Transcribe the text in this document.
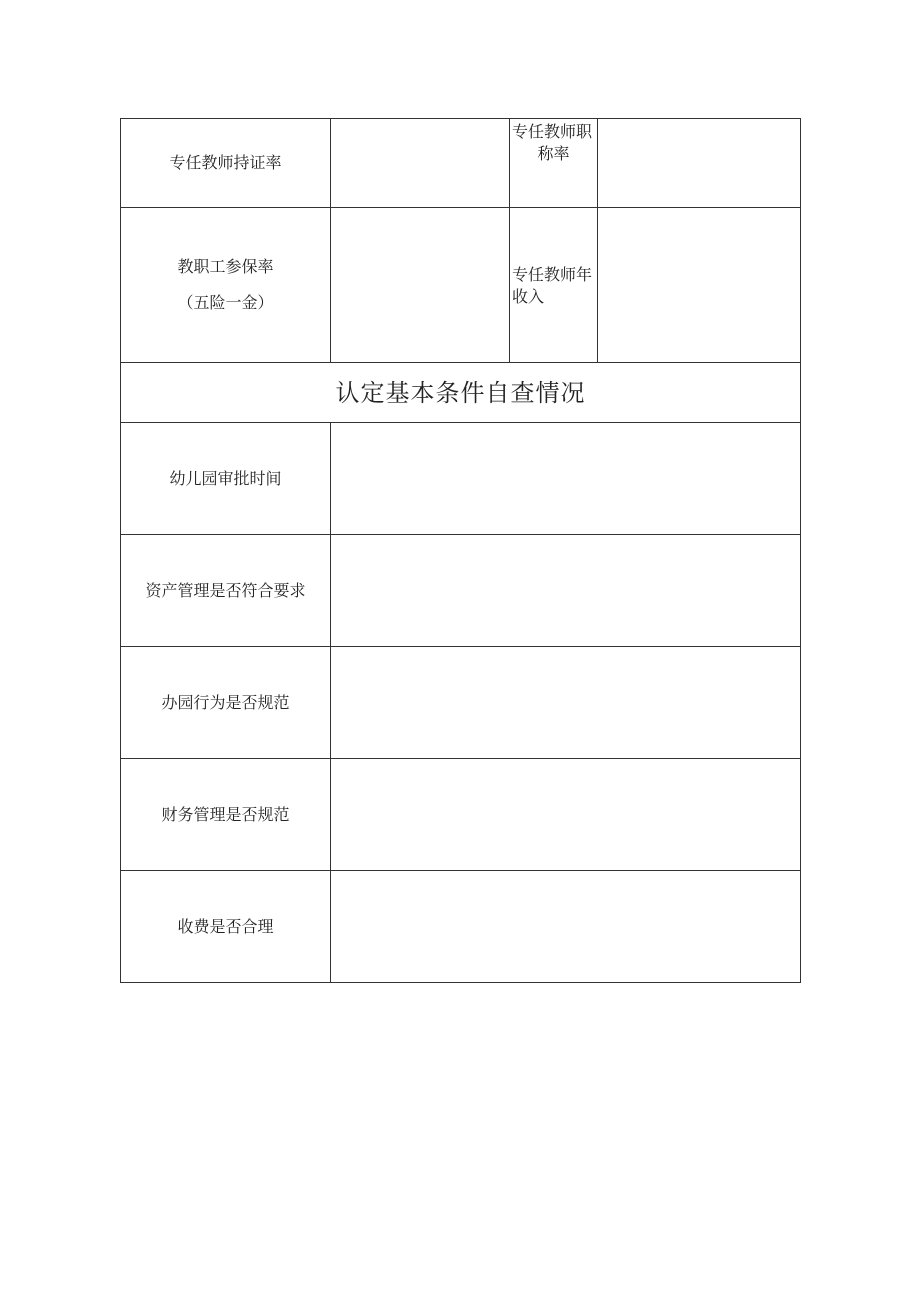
专任教师持证率		专任教师职
称率	

教职工参保率
（五险一金）		专任教师年
收入	

认定基本条件自查情况			
幼儿园审批时间			
资产管理是否符合要求			
办园行为是否规范			
财务管理是否规范			
收费是否合理			
